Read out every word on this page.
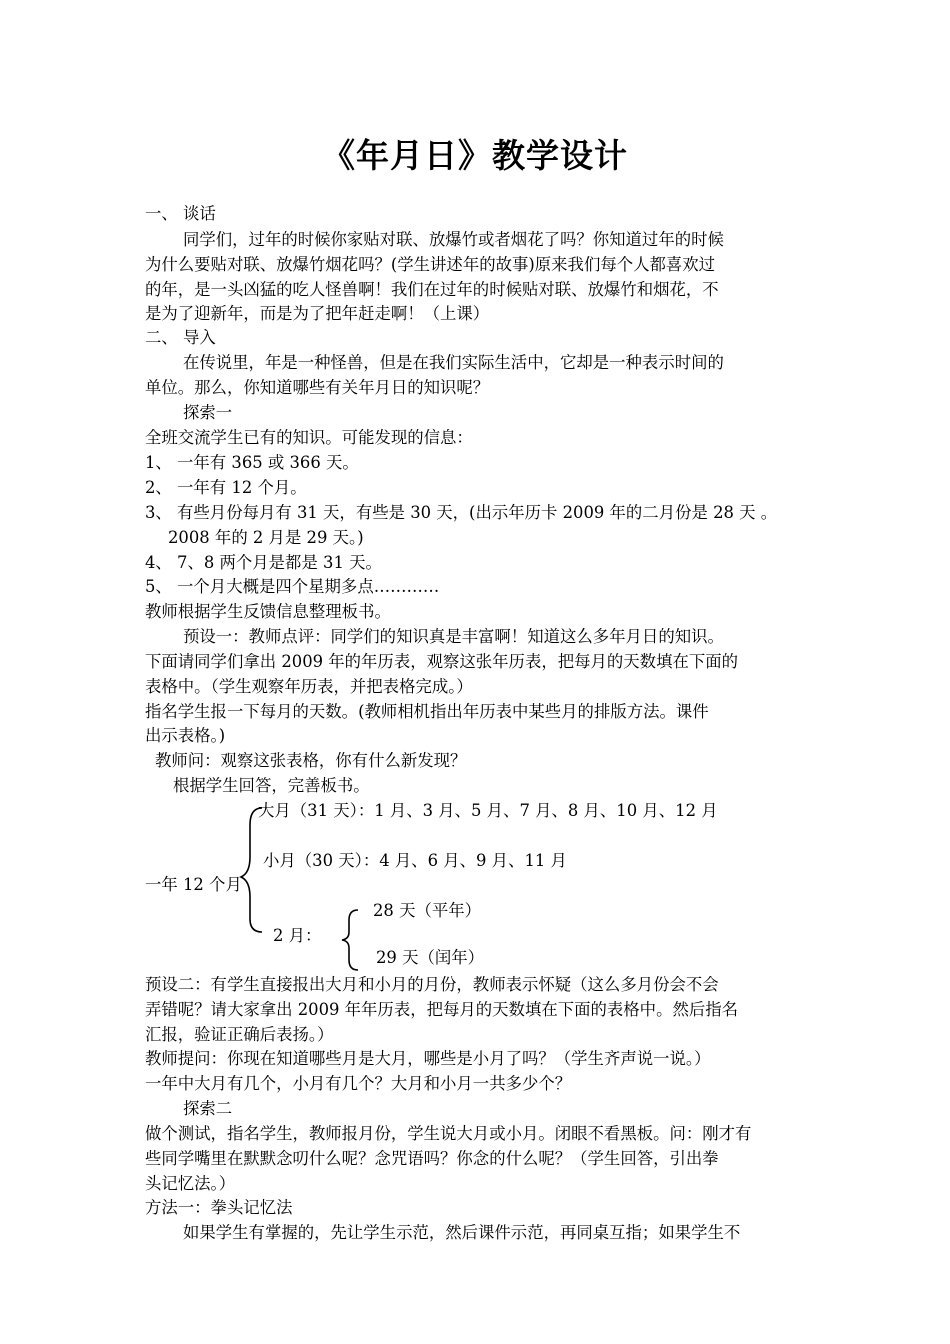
《年月日》教学设计
一、 谈话
同学们，过年的时候你家贴对联、放爆竹或者烟花了吗？你知道过年的时候
为什么要贴对联、放爆竹烟花吗？(学生讲述年的故事)原来我们每个人都喜欢过
的年，是一头凶猛的吃人怪兽啊！我们在过年的时候贴对联、放爆竹和烟花，不
是为了迎新年，而是为了把年赶走啊！（上课）
二、 导入
在传说里，年是一种怪兽，但是在我们实际生活中，它却是一种表示时间的
单位。那么，你知道哪些有关年月日的知识呢？
探索一
全班交流学生已有的知识。可能发现的信息：
1、 一年有 365 或 366 天。
2、 一年有 12 个月。
3、 有些月份每月有 31 天，有些是 30 天，(出示年历卡 2009 年的二月份是 28 天 。
2008 年的 2 月是 29 天。)
4、 7、8 两个月是都是 31 天。
5、 一个月大概是四个星期多点…………
教师根据学生反馈信息整理板书。
预设一：教师点评：同学们的知识真是丰富啊！知道这么多年月日的知识。
下面请同学们拿出 2009 年的年历表，观察这张年历表，把每月的天数填在下面的
表格中。（学生观察年历表，并把表格完成。）
指名学生报一下每月的天数。(教师相机指出年历表中某些月的排版方法。课件
出示表格。)
教师问：观察这张表格，你有什么新发现？
根据学生回答，完善板书。
一年 12 个月
大月（31 天）：1 月、3 月、5 月、7 月、8 月、10 月、12 月
小月（30 天）：4 月、6 月、9 月、11 月
2 月：
28 天（平年）
29 天（闰年）
预设二：有学生直接报出大月和小月的月份，教师表示怀疑（这么多月份会不会
弄错呢？请大家拿出 2009 年年历表，把每月的天数填在下面的表格中。然后指名
汇报，验证正确后表扬。）
教师提问：你现在知道哪些月是大月，哪些是小月了吗？（学生齐声说一说。）
一年中大月有几个，小月有几个？大月和小月一共多少个？
探索二
做个测试，指名学生，教师报月份，学生说大月或小月。闭眼不看黑板。问：刚才有
些同学嘴里在默默念叨什么呢？念咒语吗？你念的什么呢？（学生回答，引出拳
头记忆法。）
方法一：拳头记忆法
如果学生有掌握的，先让学生示范，然后课件示范，再同桌互指；如果学生不
